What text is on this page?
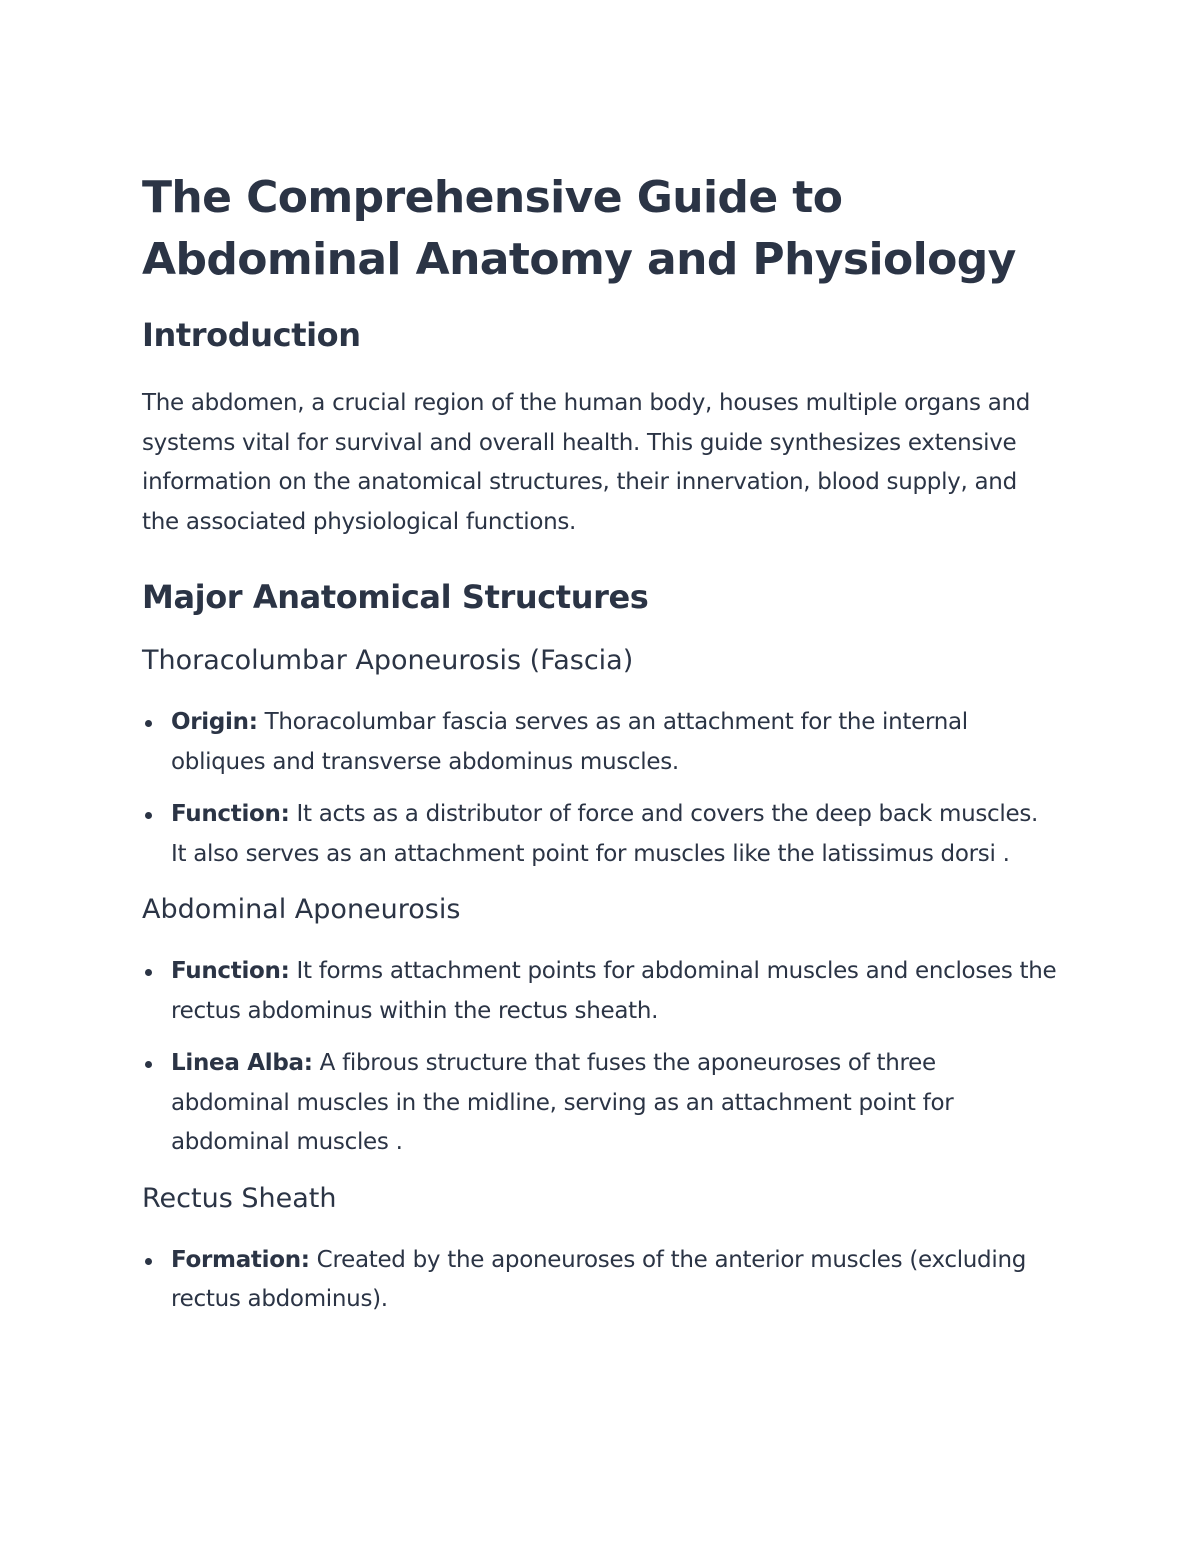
The Comprehensive Guide to Abdominal Anatomy and Physiology
Introduction

The abdomen, a crucial region of the human body, houses multiple organs and systems vital for survival and overall health. This guide synthesizes extensive information on the anatomical structures, their innervation, blood supply, and the associated physiological functions.

Major Anatomical Structures
Thoracolumbar Aponeurosis (Fascia)
Origin: Thoracolumbar fascia serves as an attachment for the internal obliques and transverse abdominus muscles.
Function: It acts as a distributor of force and covers the deep back muscles. It also serves as an attachment point for muscles like the latissimus dorsi .
Abdominal Aponeurosis
Function: It forms attachment points for abdominal muscles and encloses the rectus abdominus within the rectus sheath.
Linea Alba: A fibrous structure that fuses the aponeuroses of three abdominal muscles in the midline, serving as an attachment point for abdominal muscles .
Rectus Sheath
Formation: Created by the aponeuroses of the anterior muscles (excluding rectus abdominus).
